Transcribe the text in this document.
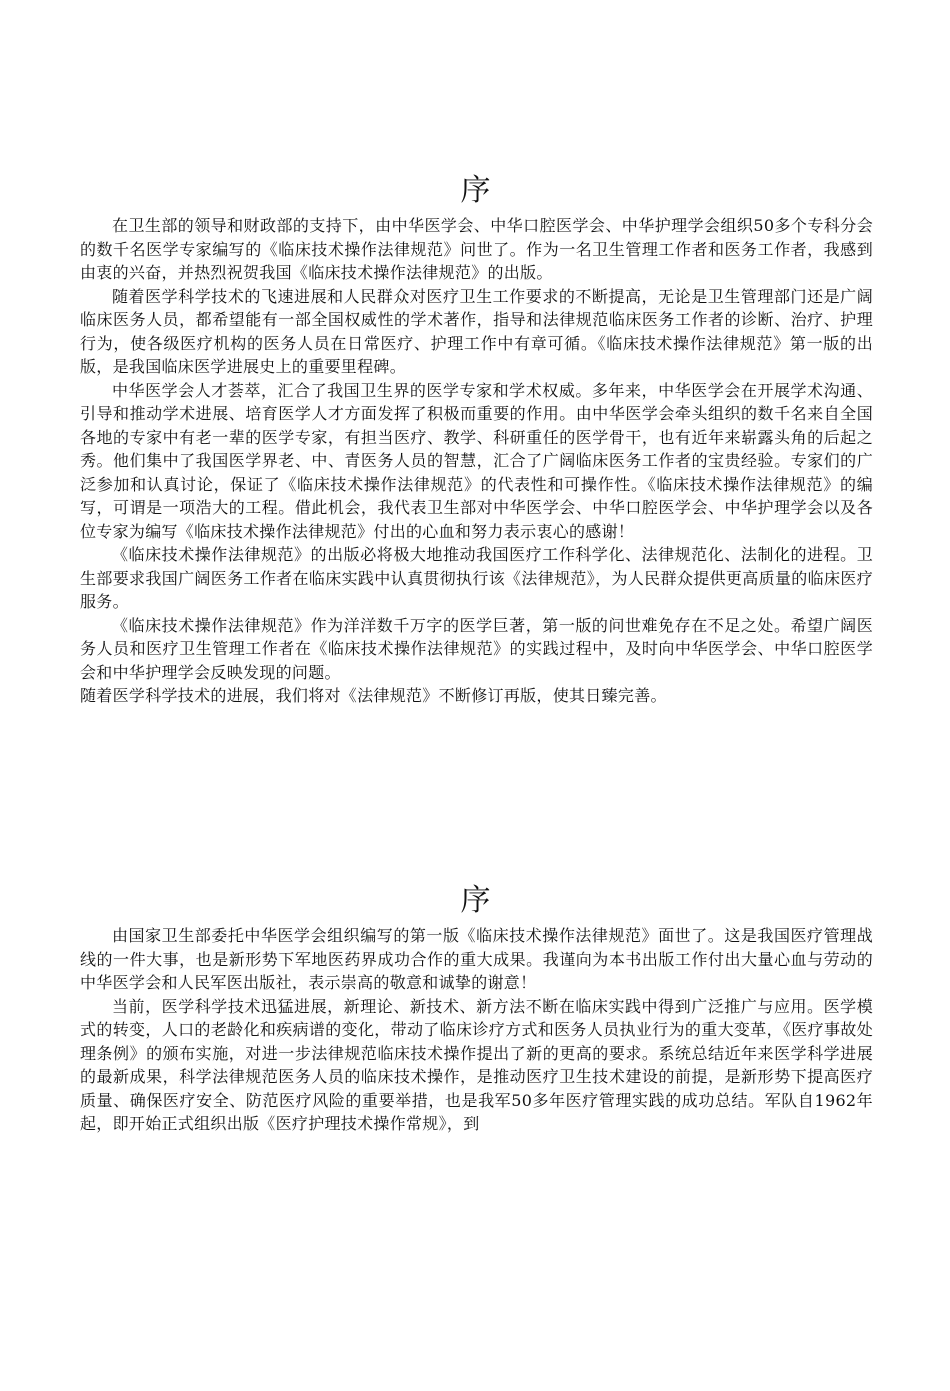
序

在卫生部的领导和财政部的支持下，由中华医学会、中华口腔医学会、中华护理学会组织50多个专科分会的数千名医学专家编写的《临床技术操作法律规范》问世了。作为一名卫生管理工作者和医务工作者，我感到由衷的兴奋，并热烈祝贺我国《临床技术操作法律规范》的出版。

随着医学科学技术的飞速进展和人民群众对医疗卫生工作要求的不断提高，无论是卫生管理部门还是广阔临床医务人员，都希望能有一部全国权威性的学术著作，指导和法律规范临床医务工作者的诊断、治疗、护理行为，使各级医疗机构的医务人员在日常医疗、护理工作中有章可循。《临床技术操作法律规范》第一版的出版，是我国临床医学进展史上的重要里程碑。

中华医学会人才荟萃，汇合了我国卫生界的医学专家和学术权威。多年来，中华医学会在开展学术沟通、引导和推动学术进展、培育医学人才方面发挥了积极而重要的作用。由中华医学会牵头组织的数千名来自全国各地的专家中有老一辈的医学专家，有担当医疗、教学、科研重任的医学骨干，也有近年来崭露头角的后起之秀。他们集中了我国医学界老、中、青医务人员的智慧，汇合了广阔临床医务工作者的宝贵经验。专家们的广泛参加和认真讨论，保证了《临床技术操作法律规范》的代表性和可操作性。《临床技术操作法律规范》的编写，可谓是一项浩大的工程。借此机会，我代表卫生部对中华医学会、中华口腔医学会、中华护理学会以及各位专家为编写《临床技术操作法律规范》付出的心血和努力表示衷心的感谢！

《临床技术操作法律规范》的出版必将极大地推动我国医疗工作科学化、法律规范化、法制化的进程。卫生部要求我国广阔医务工作者在临床实践中认真贯彻执行该《法律规范》，为人民群众提供更高质量的临床医疗服务。

《临床技术操作法律规范》作为洋洋数千万字的医学巨著，第一版的问世难免存在不足之处。希望广阔医务人员和医疗卫生管理工作者在《临床技术操作法律规范》的实践过程中，及时向中华医学会、中华口腔医学会和中华护理学会反映发现的问题。

随着医学科学技术的进展，我们将对《法律规范》不断修订再版，使其日臻完善。

序

由国家卫生部委托中华医学会组织编写的第一版《临床技术操作法律规范》面世了。这是我国医疗管理战线的一件大事，也是新形势下军地医药界成功合作的重大成果。我谨向为本书出版工作付出大量心血与劳动的中华医学会和人民军医出版社，表示崇高的敬意和诚挚的谢意！

当前，医学科学技术迅猛进展，新理论、新技术、新方法不断在临床实践中得到广泛推广与应用。医学模式的转变，人口的老龄化和疾病谱的变化，带动了临床诊疗方式和医务人员执业行为的重大变革，《医疗事故处理条例》的颁布实施，对进一步法律规范临床技术操作提出了新的更高的要求。系统总结近年来医学科学进展的最新成果，科学法律规范医务人员的临床技术操作，是推动医疗卫生技术建设的前提，是新形势下提高医疗质量、确保医疗安全、防范医疗风险的重要举措，也是我军50多年医疗管理实践的成功总结。军队自1962年起，即开始正式组织出版《医疗护理技术操作常规》，到
